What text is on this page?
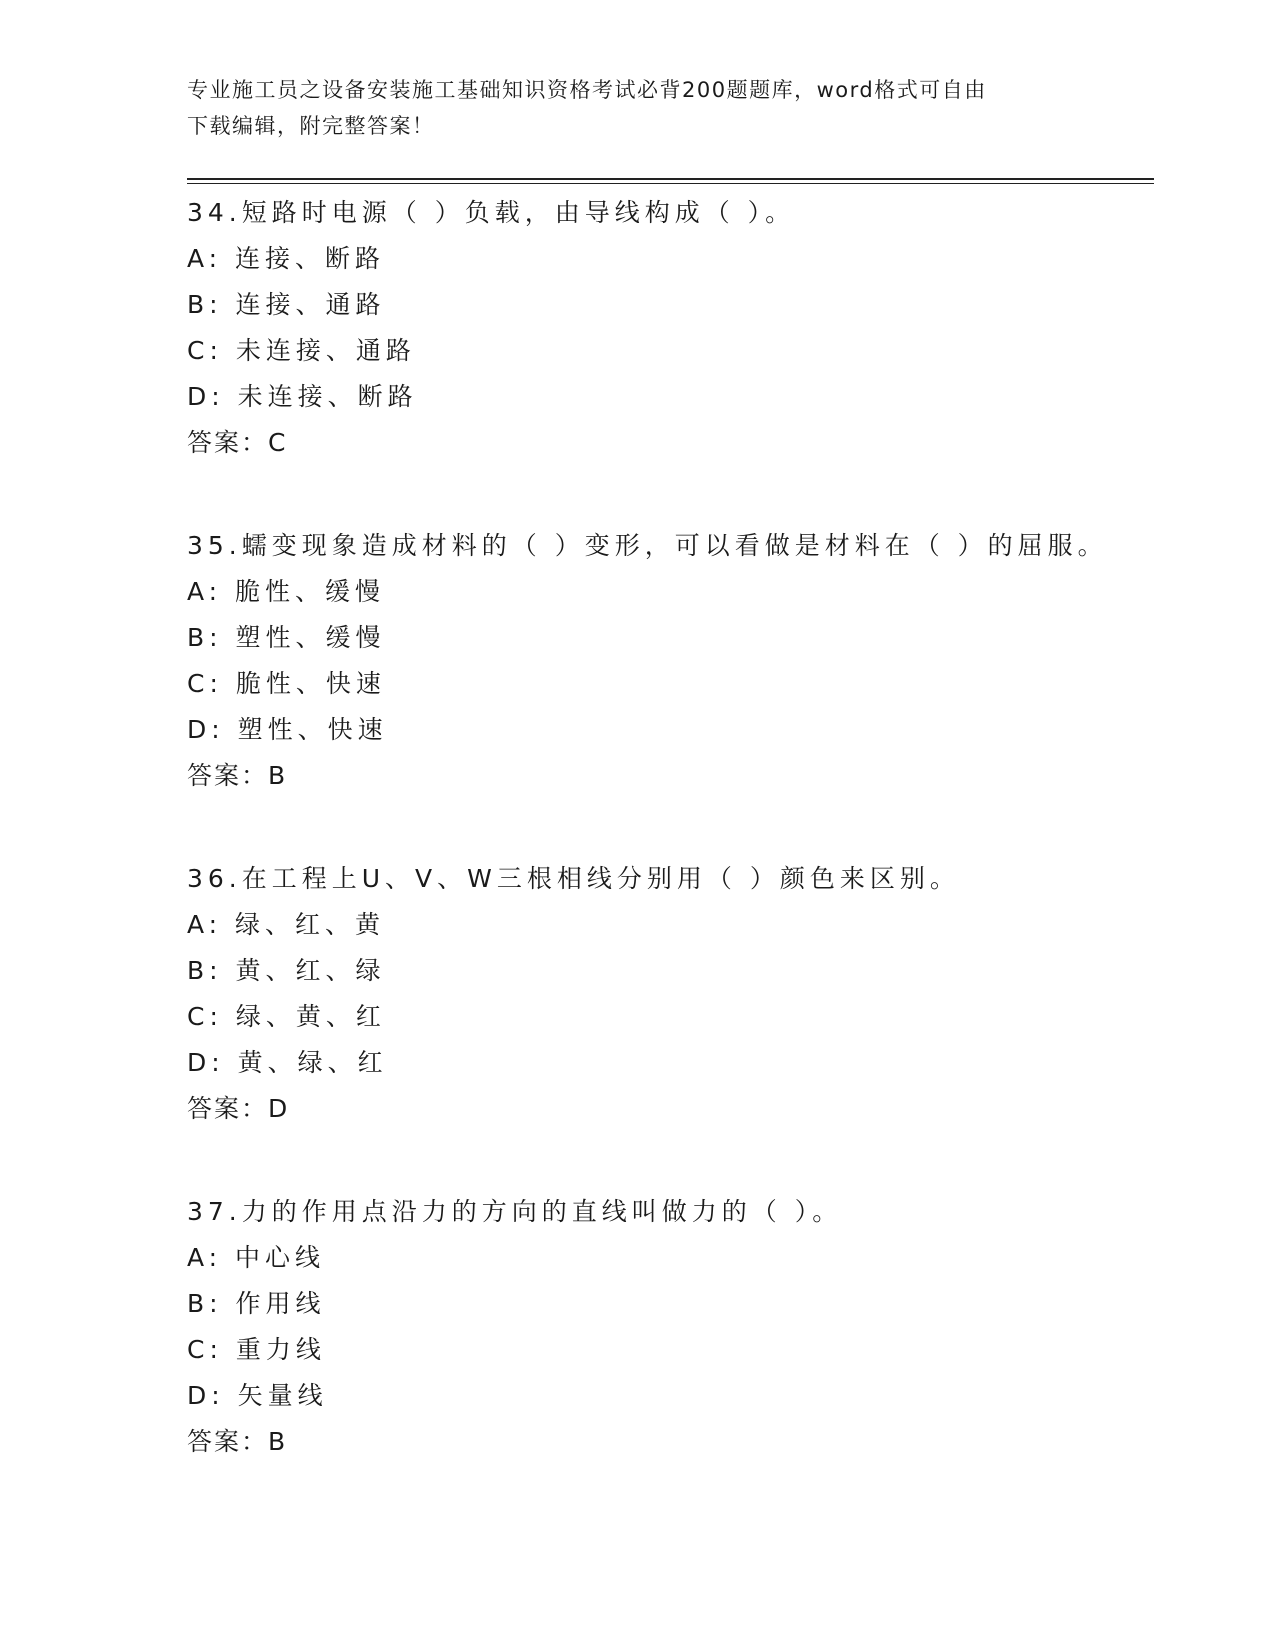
专业施工员之设备安装施工基础知识资格考试必背200题题库，word格式可自由
下载编辑，附完整答案！
34.短路时电源（ ）负载，由导线构成（ ）。
A: 连接、断路
B: 连接、通路
C: 未连接、通路
D: 未连接、断路
答案：C
35.蠕变现象造成材料的（ ）变形，可以看做是材料在（ ）的屈服。
A: 脆性、缓慢
B: 塑性、缓慢
C: 脆性、快速
D: 塑性、快速
答案：B
36.在工程上U、V、W三根相线分别用（ ）颜色来区别。
A: 绿、红、黄
B: 黄、红、绿
C: 绿、黄、红
D: 黄、绿、红
答案：D
37.力的作用点沿力的方向的直线叫做力的（ ）。
A: 中心线
B: 作用线
C: 重力线
D: 矢量线
答案：B
